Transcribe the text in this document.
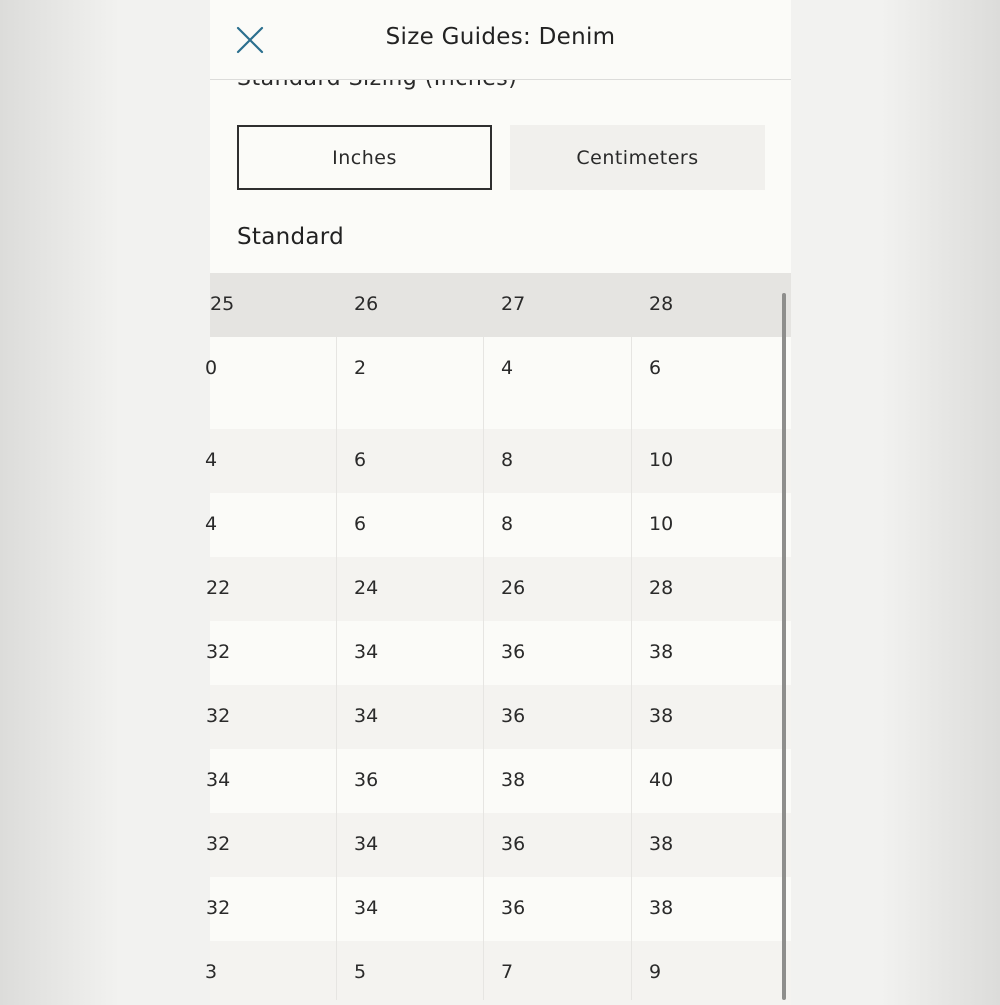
Size Guides: Denim
Inches	Centimeters
Standard
25	26	27	28
0	2	4	6
4	6	8	10
4	6	8	10
22	24	26	28
32	34	36	38
32	34	36	38
34	36	38	40
32	34	36	38
32	34	36	38
3	5	7	9
